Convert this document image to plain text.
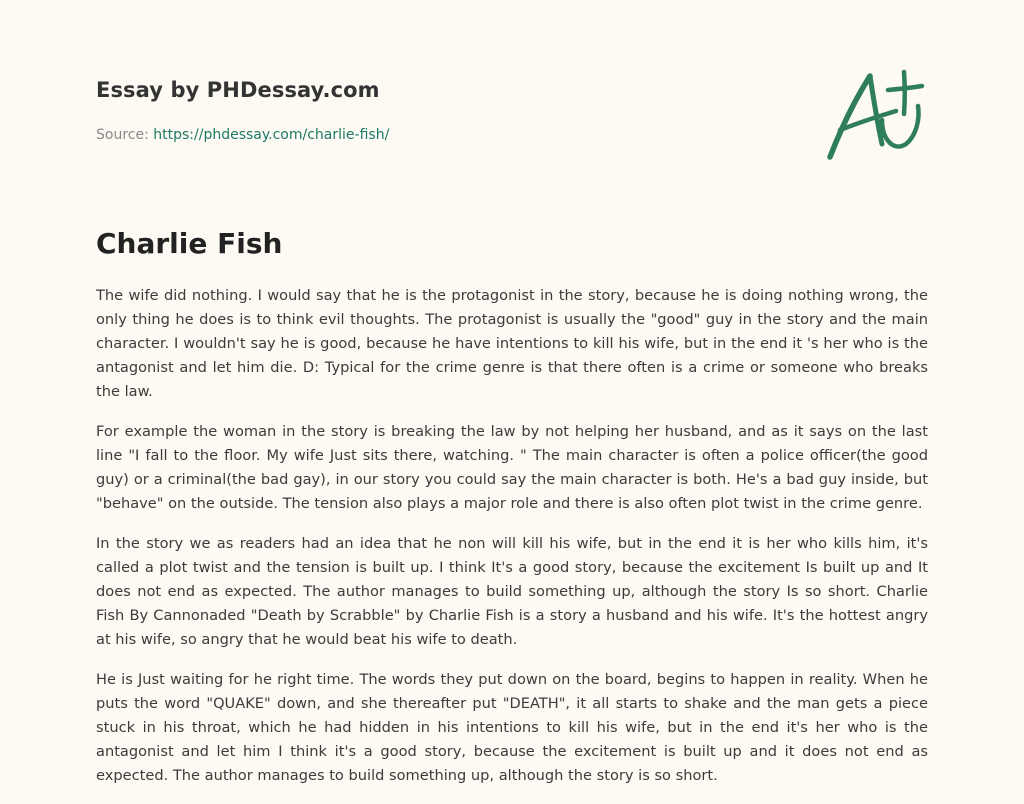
Essay by PHDessay.com
Source: https://phdessay.com/charlie-fish/
Charlie Fish

The wife did nothing. I would say that he is the protagonist in the story, because he is doing nothing wrong, the only thing he does is to think evil thoughts. The protagonist is usually the "good" guy in the story and the main character. I wouldn't say he is good, because he have intentions to kill his wife, but in the end it 's her who is the antagonist and let him die. D: Typical for the crime genre is that there often is a crime or someone who breaks the law.

For example the woman in the story is breaking the law by not helping her husband, and as it says on the last line "I fall to the floor. My wife Just sits there, watching. " The main character is often a police officer(the good guy) or a criminal(the bad gay), in our story you could say the main character is both. He's a bad guy inside, but "behave" on the outside. The tension also plays a major role and there is also often plot twist in the crime genre.

In the story we as readers had an idea that he non will kill his wife, but in the end it is her who kills him, it's called a plot twist and the tension is built up. I think It's a good story, because the excitement Is built up and It does not end as expected. The author manages to build something up, although the story Is so short. Charlie Fish By Cannonaded "Death by Scrabble" by Charlie Fish is a story a husband and his wife. It's the hottest angry at his wife, so angry that he would beat his wife to death.

He is Just waiting for he right time. The words they put down on the board, begins to happen in reality. When he puts the word "QUAKE" down, and she thereafter put "DEATH", it all starts to shake and the man gets a piece stuck in his throat, which he had hidden in his intentions to kill his wife, but in the end it's her who is the antagonist and let him I think it's a good story, because the excitement is built up and it does not end as expected. The author manages to build something up, although the story is so short.
